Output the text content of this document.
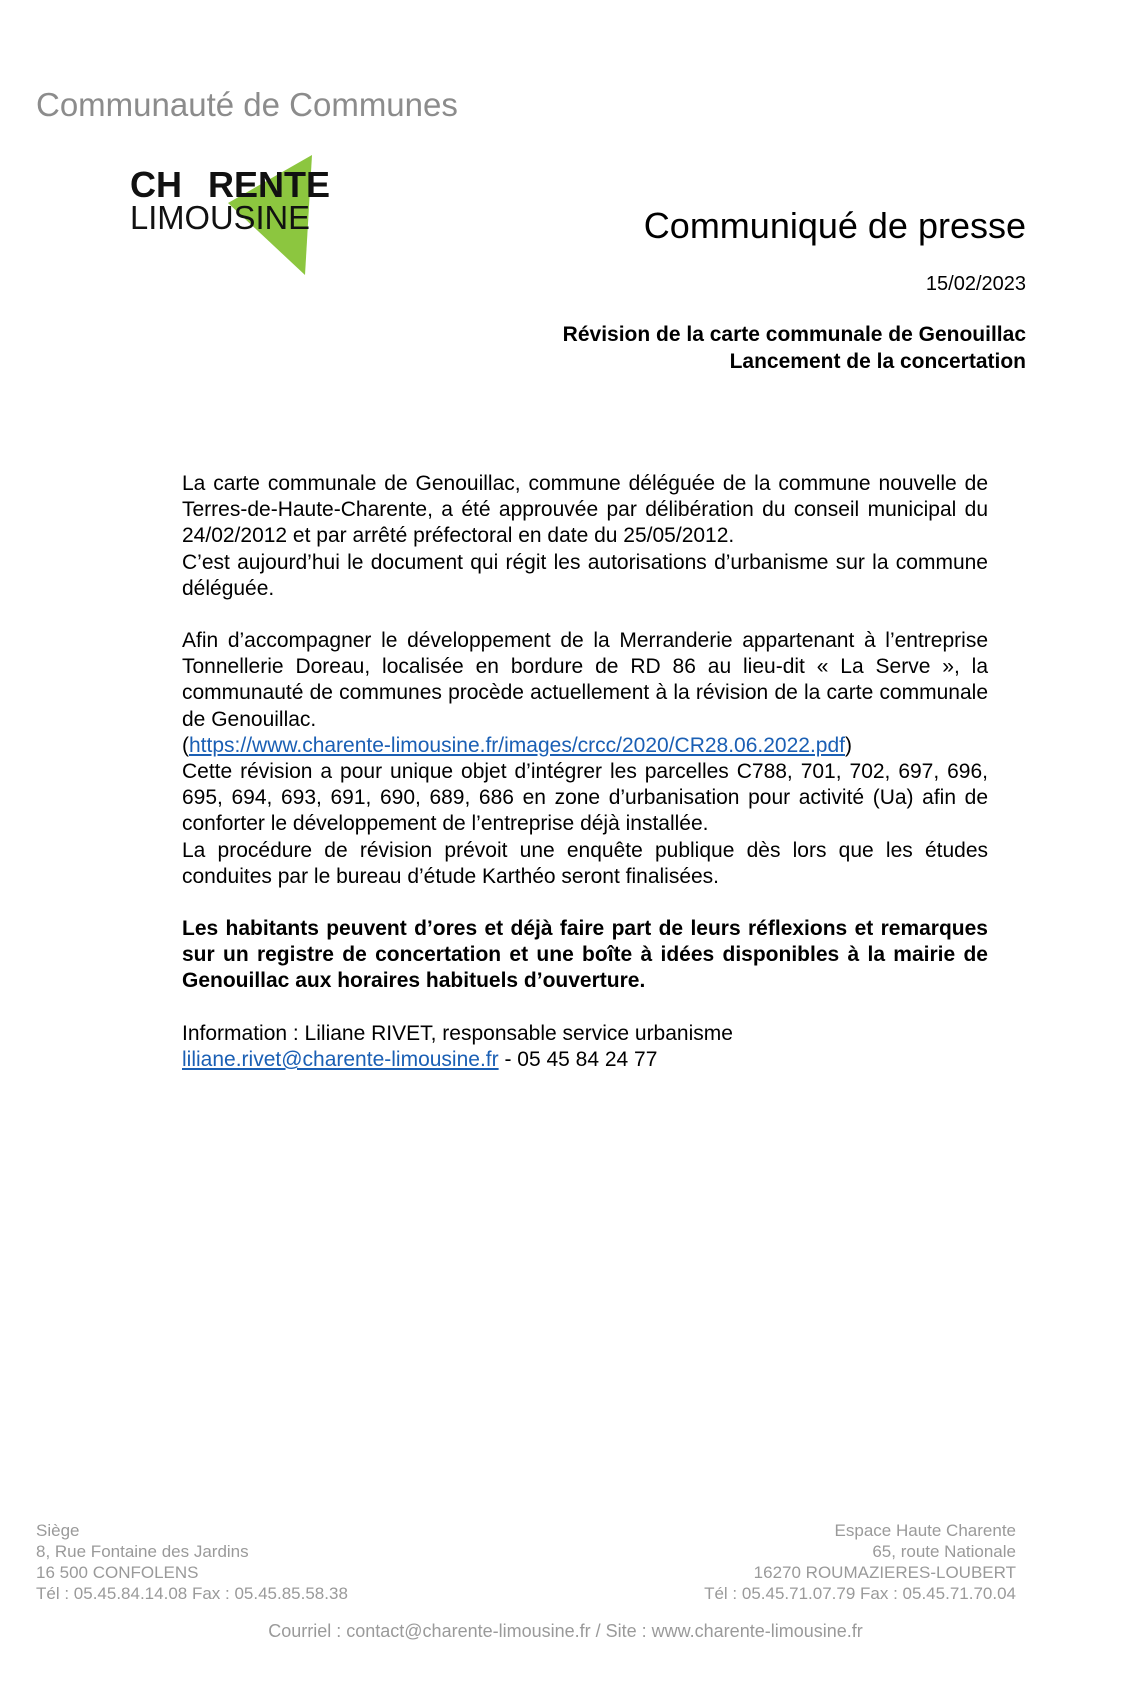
Communauté de Communes
CH RENTE
LIMOUSINE	Communiqué de presse
15/02/2023
Révision de la carte communale de Genouillac
Lancement de la concertation

La carte communale de Genouillac, commune déléguée de la commune nouvelle de Terres-de-Haute-Charente, a été approuvée par délibération du conseil municipal du 24/02/2012 et par arrêté préfectoral en date du 25/05/2012.

C’est aujourd’hui le document qui régit les autorisations d’urbanisme sur la commune déléguée.

Afin d’accompagner le développement de la Merranderie appartenant à l’entreprise Tonnellerie Doreau, localisée en bordure de RD 86 au lieu-dit « La Serve », la communauté de communes procède actuellement à la révision de la carte communale de Genouillac.

(https://www.charente-limousine.fr/images/crcc/2020/CR28.06.2022.pdf)

Cette révision a pour unique objet d’intégrer les parcelles C788, 701, 702, 697, 696, 695, 694, 693, 691, 690, 689, 686 en zone d’urbanisation pour activité (Ua) afin de conforter le développement de l’entreprise déjà installée.

La procédure de révision prévoit une enquête publique dès lors que les études conduites par le bureau d’étude Karthéo seront finalisées.

Les habitants peuvent d’ores et déjà faire part de leurs réflexions et remarques sur un registre de concertation et une boîte à idées disponibles à la mairie de Genouillac aux horaires habituels d’ouverture.

Information : Liliane RIVET, responsable service urbanisme

liliane.rivet@charente-limousine.fr - 05 45 84 24 77

Siège
8, Rue Fontaine des Jardins
16 500 CONFOLENS
Tél : 05.45.84.14.08 Fax : 05.45.85.58.38
Espace Haute Charente
65, route Nationale
16270 ROUMAZIERES-LOUBERT
Tél : 05.45.71.07.79 Fax : 05.45.71.70.04
Courriel : contact@charente-limousine.fr / Site : www.charente-limousine.fr
